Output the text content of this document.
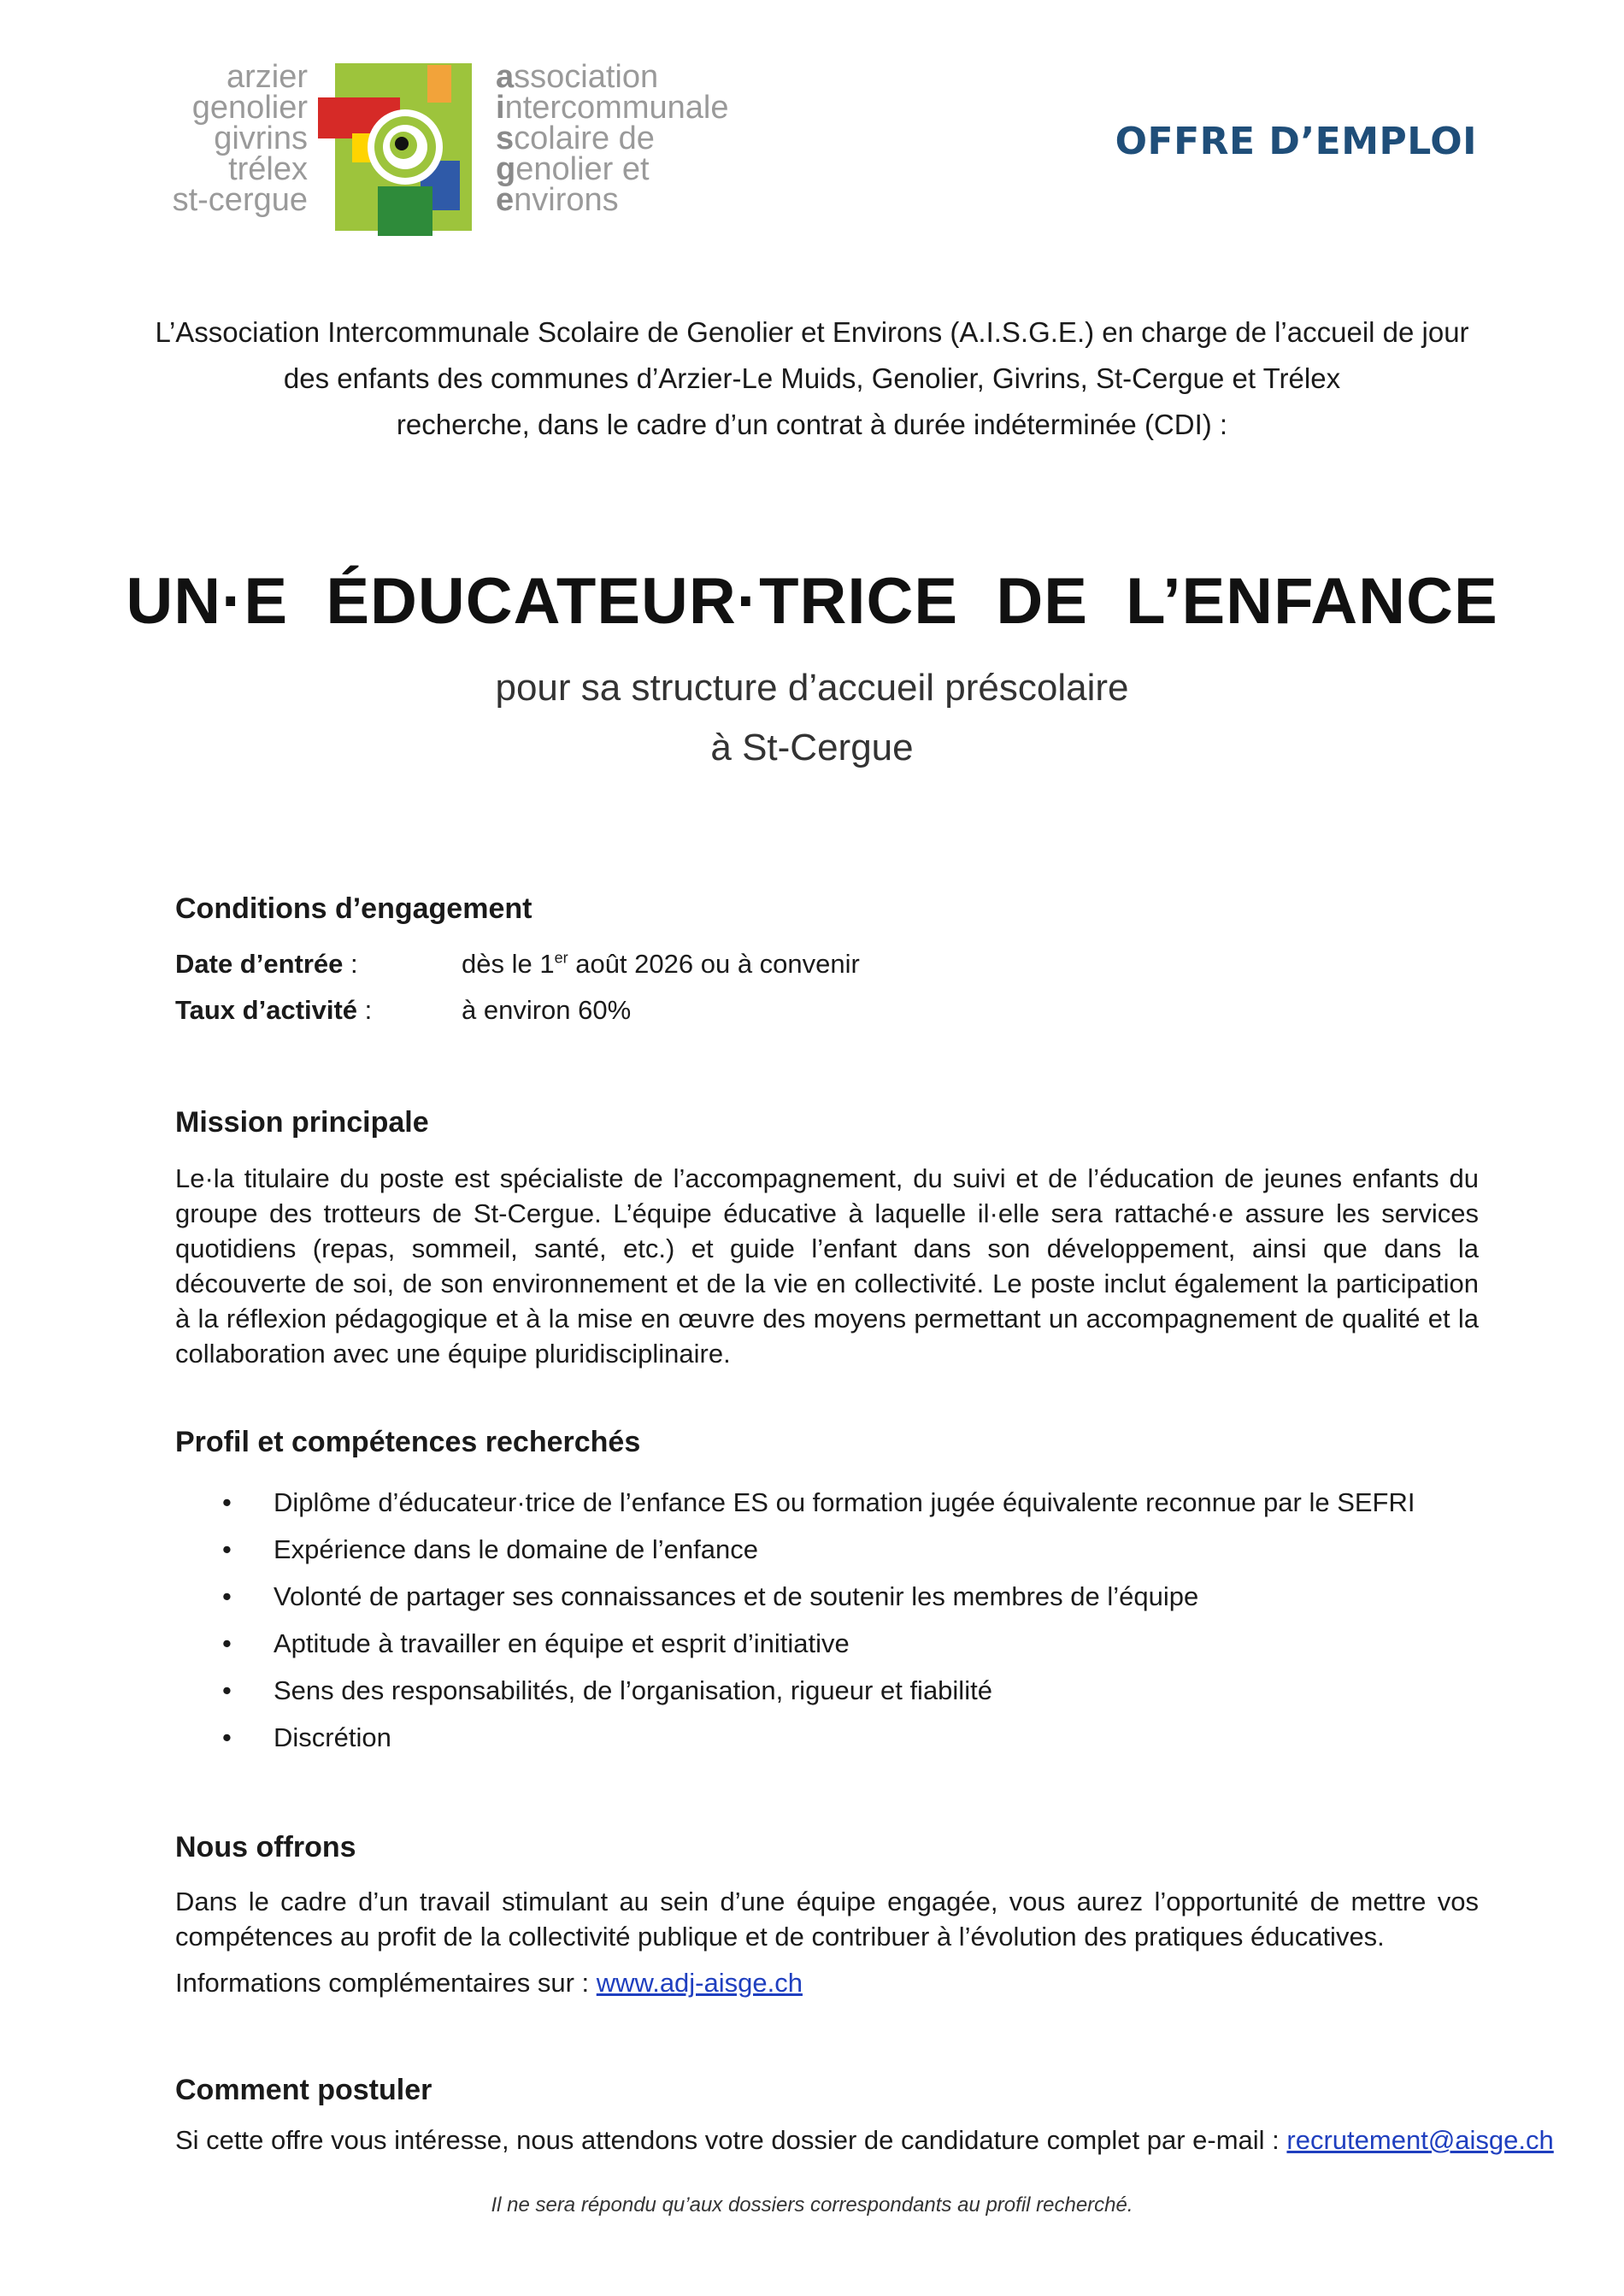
arzier
genolier
givrins
trélex
st-cergue
association
intercommunale
scolaire de
genolier et
environs
OFFRE D’EMPLOI
L’Association Intercommunale Scolaire de Genolier et Environs (A.I.S.G.E.) en charge de l’accueil de jour
des enfants des communes d’Arzier-Le Muids, Genolier, Givrins, St-Cergue et Trélex
recherche, dans le cadre d’un contrat à durée indéterminée (CDI) :
UN·E  ÉDUCATEUR·TRICE  DE  L’ENFANCE
pour sa structure d’accueil préscolaire
à St-Cergue
Conditions d’engagement
Date d’entrée :	dès le 1er août 2026 ou à convenir
Taux d’activité :	à environ 60%
Mission principale
Le·la titulaire du poste est spécialiste de l’accompagnement, du suivi et de l’éducation de jeunes enfants du groupe des trotteurs de St-Cergue. L’équipe éducative à laquelle il·elle sera rattaché·e assure les services quotidiens (repas, sommeil, santé, etc.) et guide l’enfant dans son développement, ainsi que dans la découverte de soi, de son environnement et de la vie en collectivité. Le poste inclut également la participation à la réflexion pédagogique et à la mise en œuvre des moyens permettant un accompagnement de qualité et la collaboration avec une équipe pluridisciplinaire.
Profil et compétences recherchés
• Diplôme d’éducateur·trice de l’enfance ES ou formation jugée équivalente reconnue par le SEFRI
• Expérience dans le domaine de l’enfance
• Volonté de partager ses connaissances et de soutenir les membres de l’équipe
• Aptitude à travailler en équipe et esprit d’initiative
• Sens des responsabilités, de l’organisation, rigueur et fiabilité
• Discrétion
Nous offrons
Dans le cadre d’un travail stimulant au sein d’une équipe engagée, vous aurez l’opportunité de mettre vos compétences au profit de la collectivité publique et de contribuer à l’évolution des pratiques éducatives.
Informations complémentaires sur : www.adj-aisge.ch
Comment postuler
Si cette offre vous intéresse, nous attendons votre dossier de candidature complet par e-mail : recrutement@aisge.ch
Il ne sera répondu qu’aux dossiers correspondants au profil recherché.
